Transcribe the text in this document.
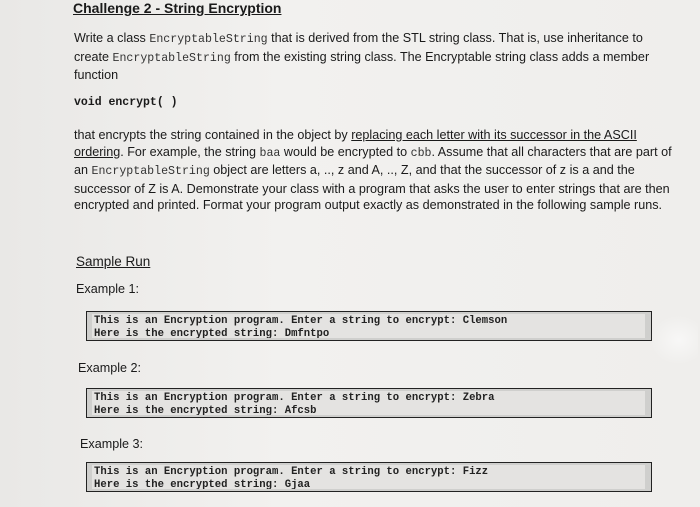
Challenge 2 - String Encryption
Write a class EncryptableString that is derived from the STL string class. That is, use inheritance to create EncryptableString from the existing string class. The Encryptable string class adds a member function
void encrypt( )
that encrypts the string contained in the object by replacing each letter with its successor in the ASCII ordering. For example, the string baa would be encrypted to cbb. Assume that all characters that are part of an EncryptableString object are letters a, .., z and A, .., Z, and that the successor of z is a and the successor of Z is A. Demonstrate your class with a program that asks the user to enter strings that are then encrypted and printed. Format your program output exactly as demonstrated in the following sample runs.
Sample Run
Example 1:
This is an Encryption program. Enter a string to encrypt: Clemson
Here is the encrypted string: Dmfntpo
Example 2:
This is an Encryption program. Enter a string to encrypt: Zebra
Here is the encrypted string: Afcsb
Example 3:
This is an Encryption program. Enter a string to encrypt: Fizz
Here is the encrypted string: Gjaa
